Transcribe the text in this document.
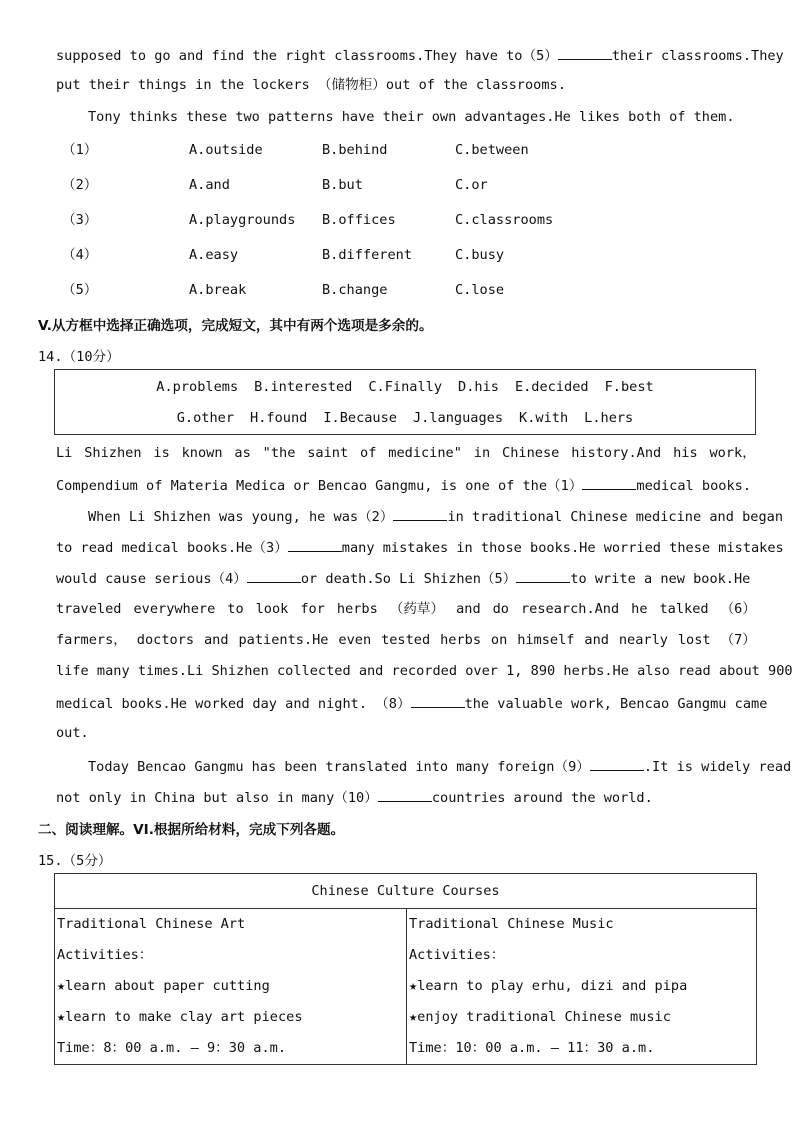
supposed to go and find the right classrooms.They have to（5）	their classrooms.They
put their things in the lockers （储物柜）out of the classrooms.
Tony thinks these two patterns have their own advantages.He likes both of them.
（1）	A.outside	B.behind	C.between
（2）	A.and	B.but	C.or
（3）	A.playgrounds B.offices	C.classrooms
（4）	A.easy	B.different	C.busy
（5）	A.break	B.change	C.lose
V.从方框中选择正确选项，完成短文，其中有两个选项是多余的。
14.（10分）
A.problems B.interested C.Finally D.his E.decided F.best
G.other H.found I.Because J.languages K.with L.hers
Li Shizhen is known as "the saint of medicine" in Chinese history.And his work，
Compendium of Materia Medica or Bencao Gangmu, is one of the（1）	medical books.
When Li Shizhen was young, he was（2）	in traditional Chinese medicine and began
to read medical books.He（3）	many mistakes in those books.He worried these mistakes
would cause serious（4）	or death.So Li Shizhen（5）	to write a new book.He
traveled everywhere to look for herbs （药草） and do research.And he talked （6）
farmers， doctors and patients.He even tested herbs on himself and nearly lost （7）
life many times.Li Shizhen collected and recorded over 1, 890 herbs.He also read about 900
medical books.He worked day and night. （8）	the valuable work, Bencao Gangmu came
out.
Today Bencao Gangmu has been translated into many foreign（9）	.It is widely read
not only in China but also in many（10）	countries around the world.
二、阅读理解。VI.根据所给材料，完成下列各题。
15.（5分）
Chinese Culture Courses

Traditional Chinese Art
Activities：
★learn about paper cutting
★learn to make clay art pieces
Time：8：00 a.m. – 9：30 a.m.

Traditional Chinese Music
Activities：
★learn to play erhu, dizi and pipa
★enjoy traditional Chinese music
Time：10：00 a.m. – 11：30 a.m.
